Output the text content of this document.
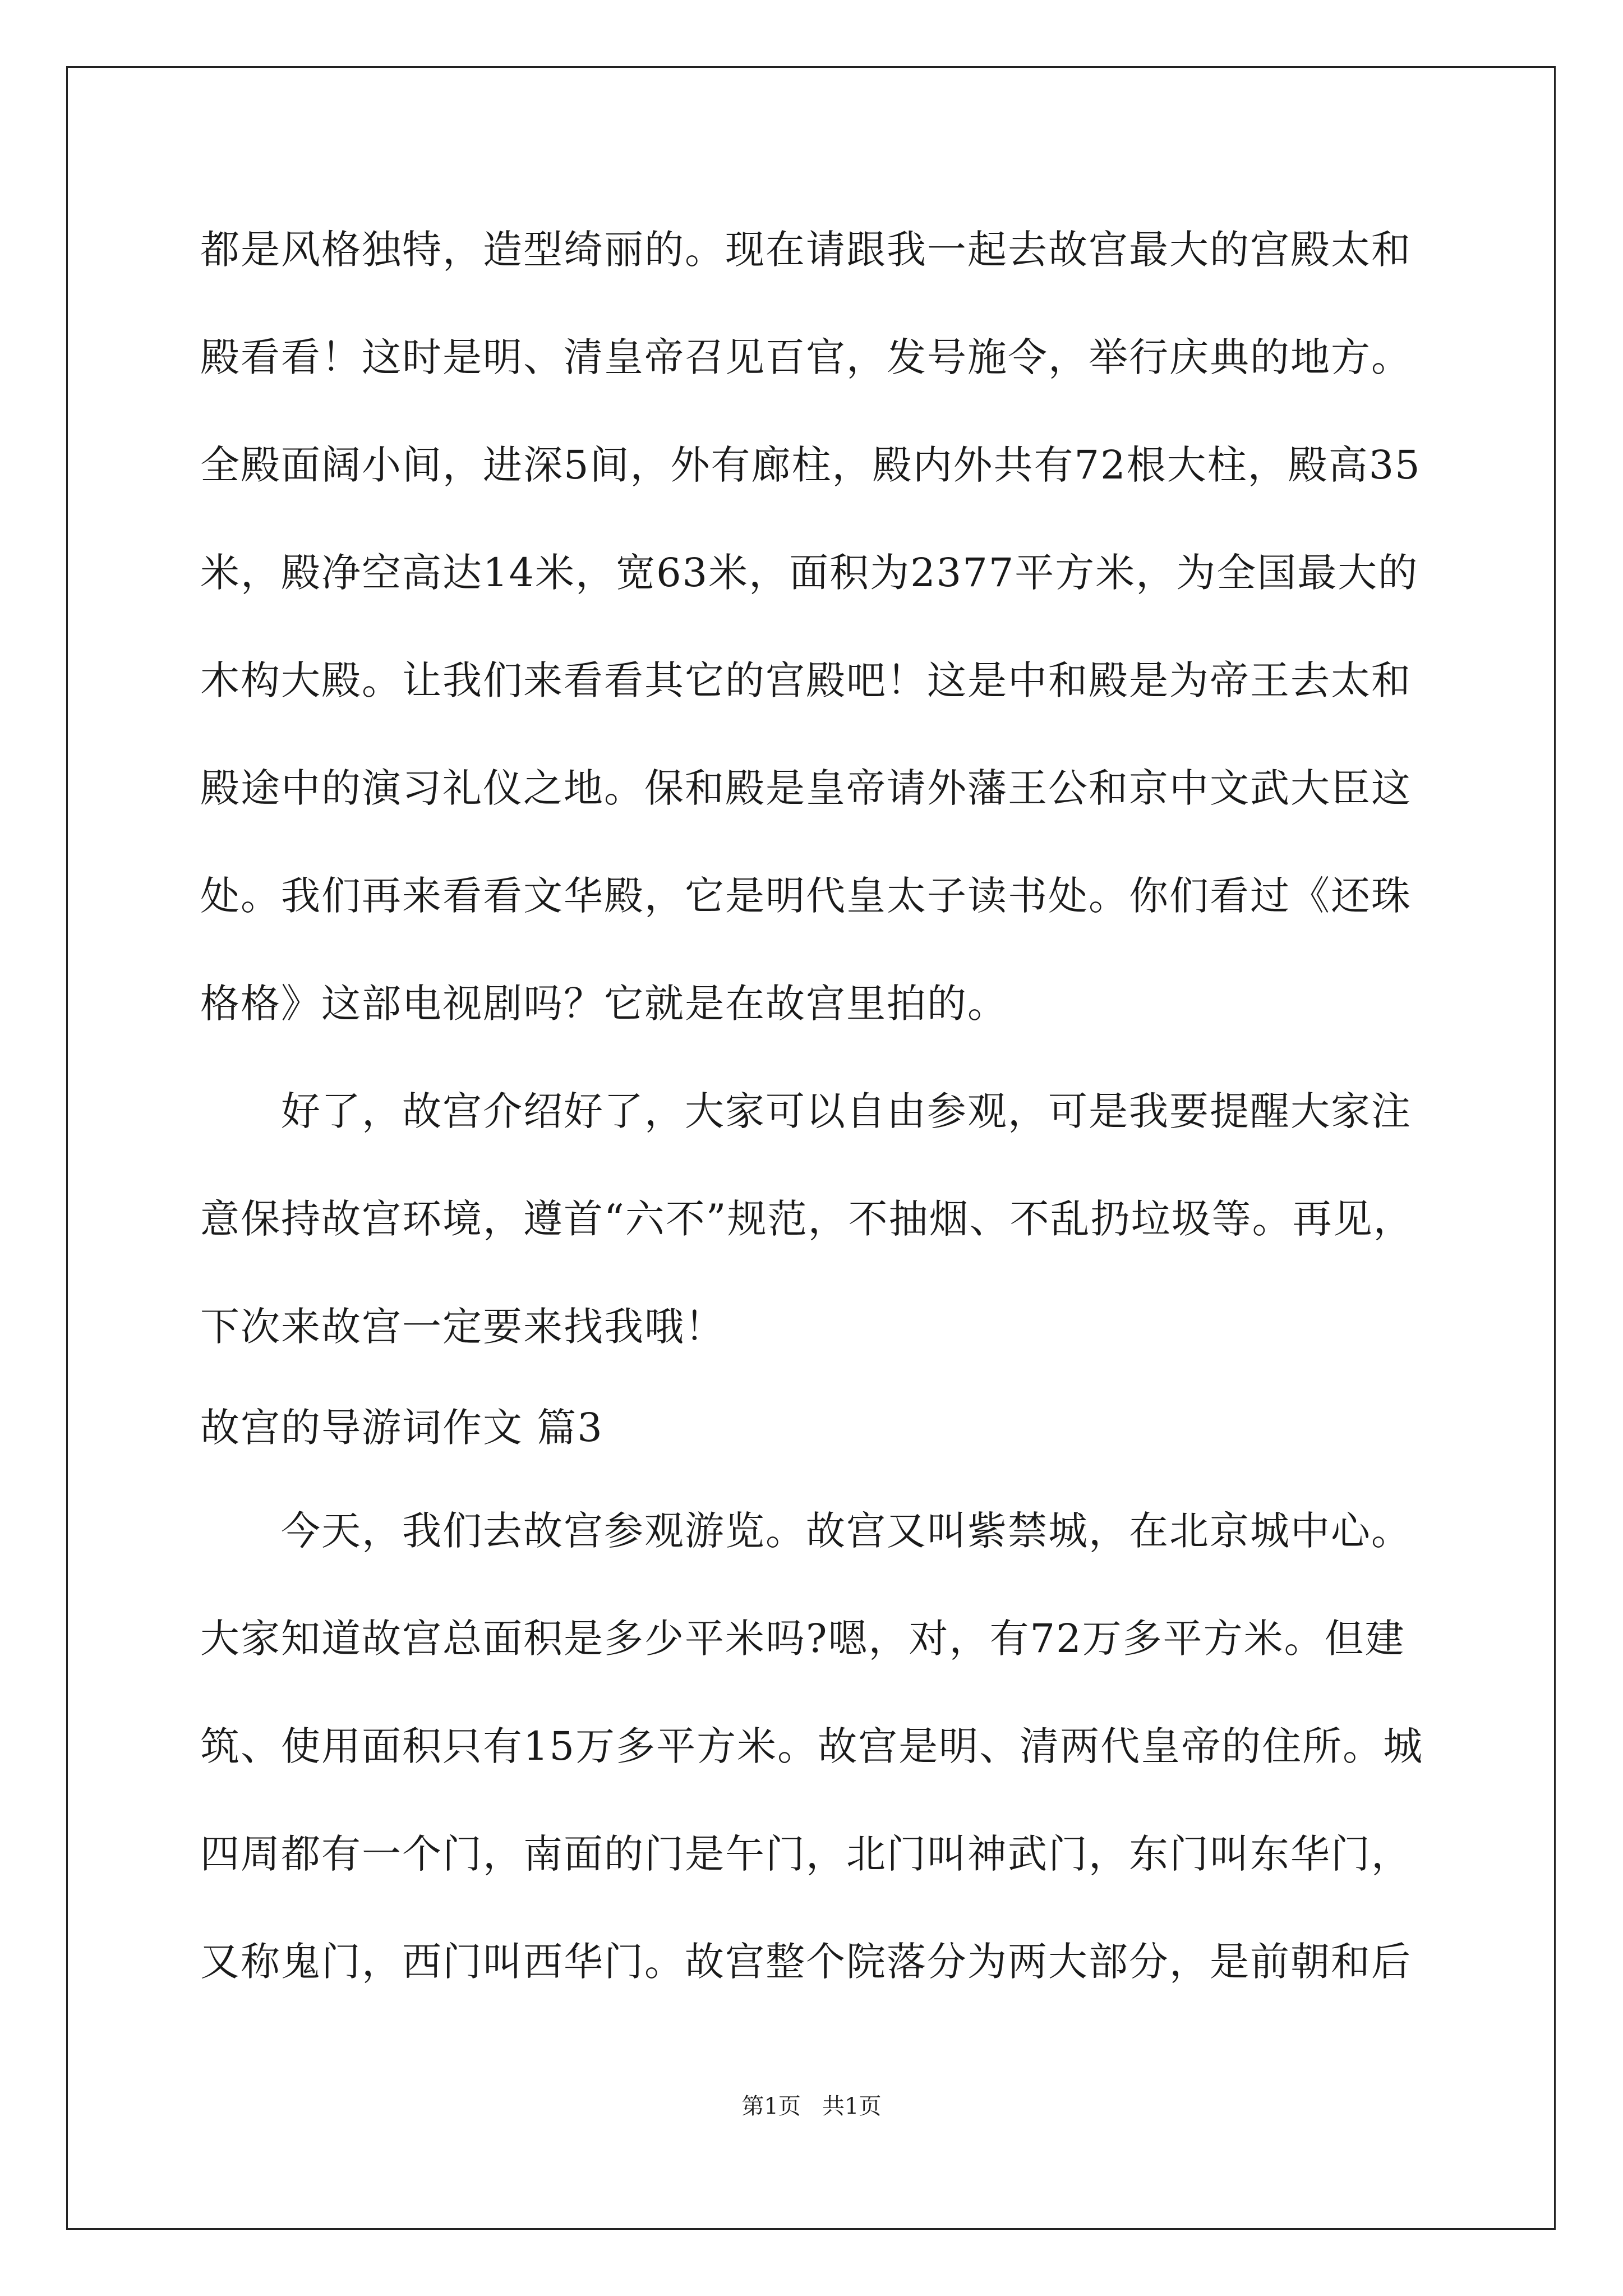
都是风格独特，造型绮丽的。现在请跟我一起去故宫最大的宫殿太和
殿看看！这时是明、清皇帝召见百官，发号施令，举行庆典的地方。
全殿面阔小间，进深5间，外有廊柱，殿内外共有72根大柱，殿高35
米，殿净空高达14米，宽63米，面积为2377平方米，为全国最大的
木构大殿。让我们来看看其它的宫殿吧！这是中和殿是为帝王去太和
殿途中的演习礼仪之地。保和殿是皇帝请外藩王公和京中文武大臣这
处。我们再来看看文华殿，它是明代皇太子读书处。你们看过《还珠
格格》这部电视剧吗？它就是在故宫里拍的。
　　好了，故宫介绍好了，大家可以自由参观，可是我要提醒大家注
意保持故宫环境，遵首“六不”规范，不抽烟、不乱扔垃圾等。再见，
下次来故宫一定要来找我哦！
故宫的导游词作文 篇3
　　今天，我们去故宫参观游览。故宫又叫紫禁城，在北京城中心。
大家知道故宫总面积是多少平米吗?嗯，对，有72万多平方米。但建
筑、使用面积只有15万多平方米。故宫是明、清两代皇帝的住所。城
四周都有一个门，南面的门是午门，北门叫神武门，东门叫东华门，
又称鬼门，西门叫西华门。故宫整个院落分为两大部分，是前朝和后
第1页   共1页
